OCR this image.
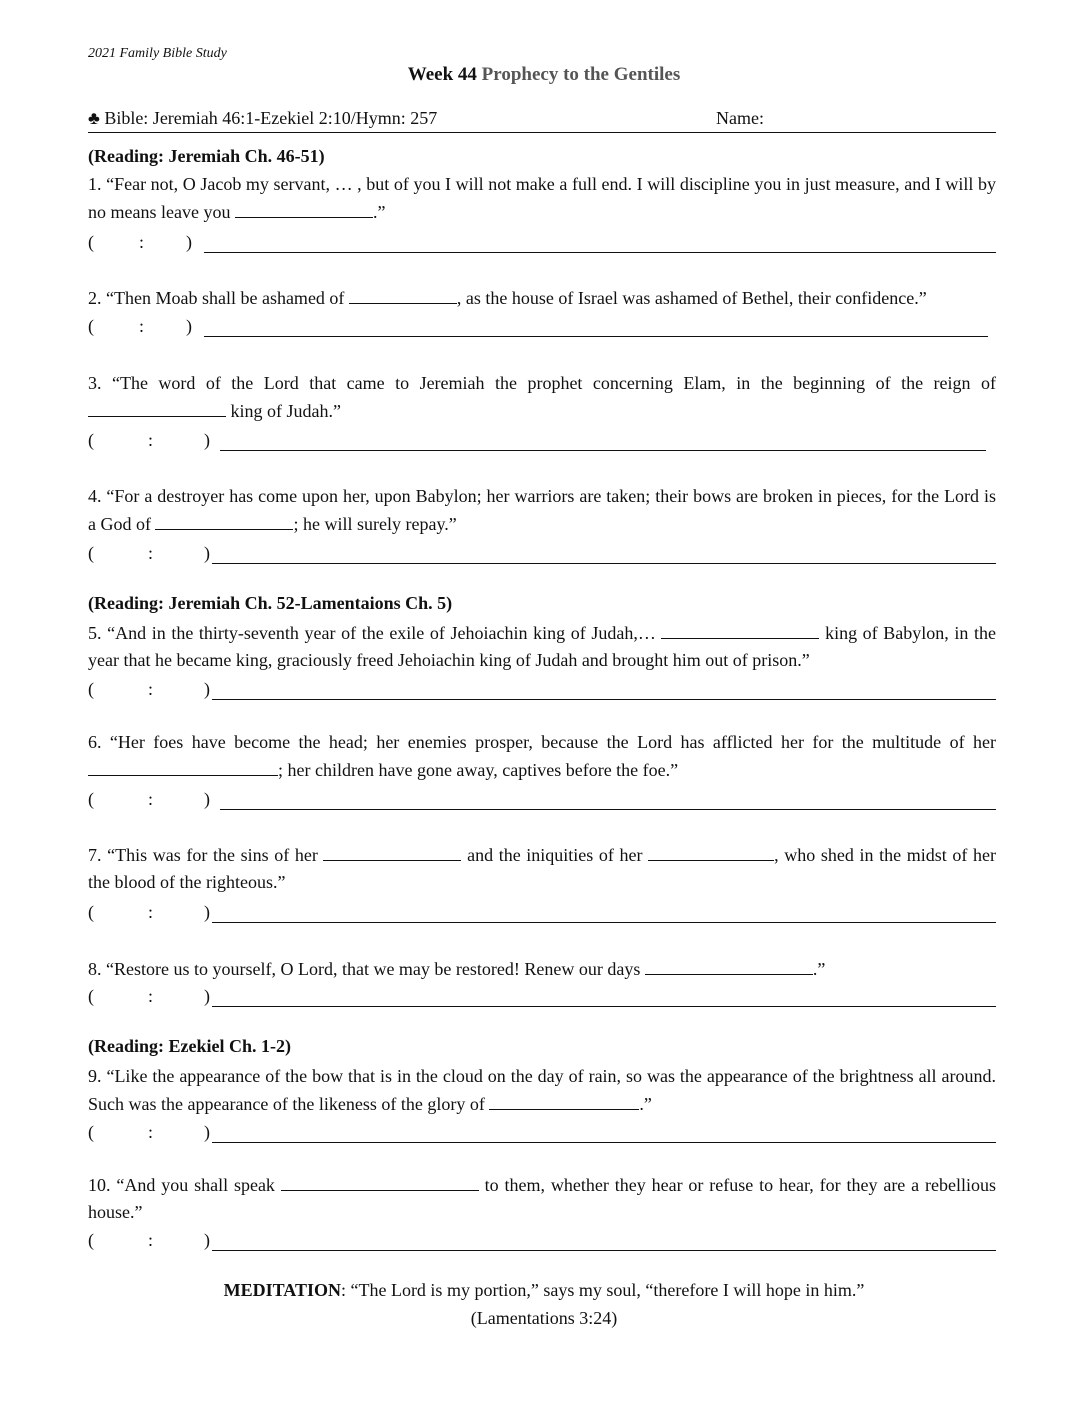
2021 Family Bible Study
Week 44 Prophecy to the Gentiles
♣ Bible: Jeremiah 46:1-Ezekiel 2:10/Hymn: 257	Name:
(Reading: Jeremiah Ch. 46-51)
1. “Fear not, O Jacob my servant, … , but of you I will not make a full end. I will discipline you in just measure, and I will by no means leave you	.”
(	: )
2. “Then Moab shall be ashamed of	, as the house of Israel was ashamed of Bethel, their confidence.”
(	: )
3. “The word of the Lord that came to Jeremiah the prophet concerning Elam, in the beginning of the reign of  king of Judah.”
(	:	)
4. “For a destroyer has come upon her, upon Babylon; her warriors are taken; their bows are broken in pieces, for the Lord is a God of	; he will surely repay.”
(	:	)
(Reading: Jeremiah Ch. 52-Lamentaions Ch. 5)
5. “And in the thirty-seventh year of the exile of Jehoiachin king of Judah,…	king of Babylon, in the year that he became king, graciously freed Jehoiachin king of Judah and brought him out of prison.”
(	:	)
6. “Her foes have become the head; her enemies prosper, because the Lord has afflicted her for the multitude of her ; her children have gone away, captives before the foe.”
(	:	)
7. “This was for the sins of her	and the iniquities of her	, who shed in the midst of her the blood of the righteous.”
(	:	)
8. “Restore us to yourself, O Lord, that we may be restored! Renew our days	.”
(	:	)
(Reading: Ezekiel Ch. 1-2)
9. “Like the appearance of the bow that is in the cloud on the day of rain, so was the appearance of the brightness all around. Such was the appearance of the likeness of the glory of	.”
(	:	)
10. “And you shall speak	to them, whether they hear or refuse to hear, for they are a rebellious house.”
(	:	)
MEDITATION: “The Lord is my portion,” says my soul, “therefore I will hope in him.”
(Lamentations 3:24)
